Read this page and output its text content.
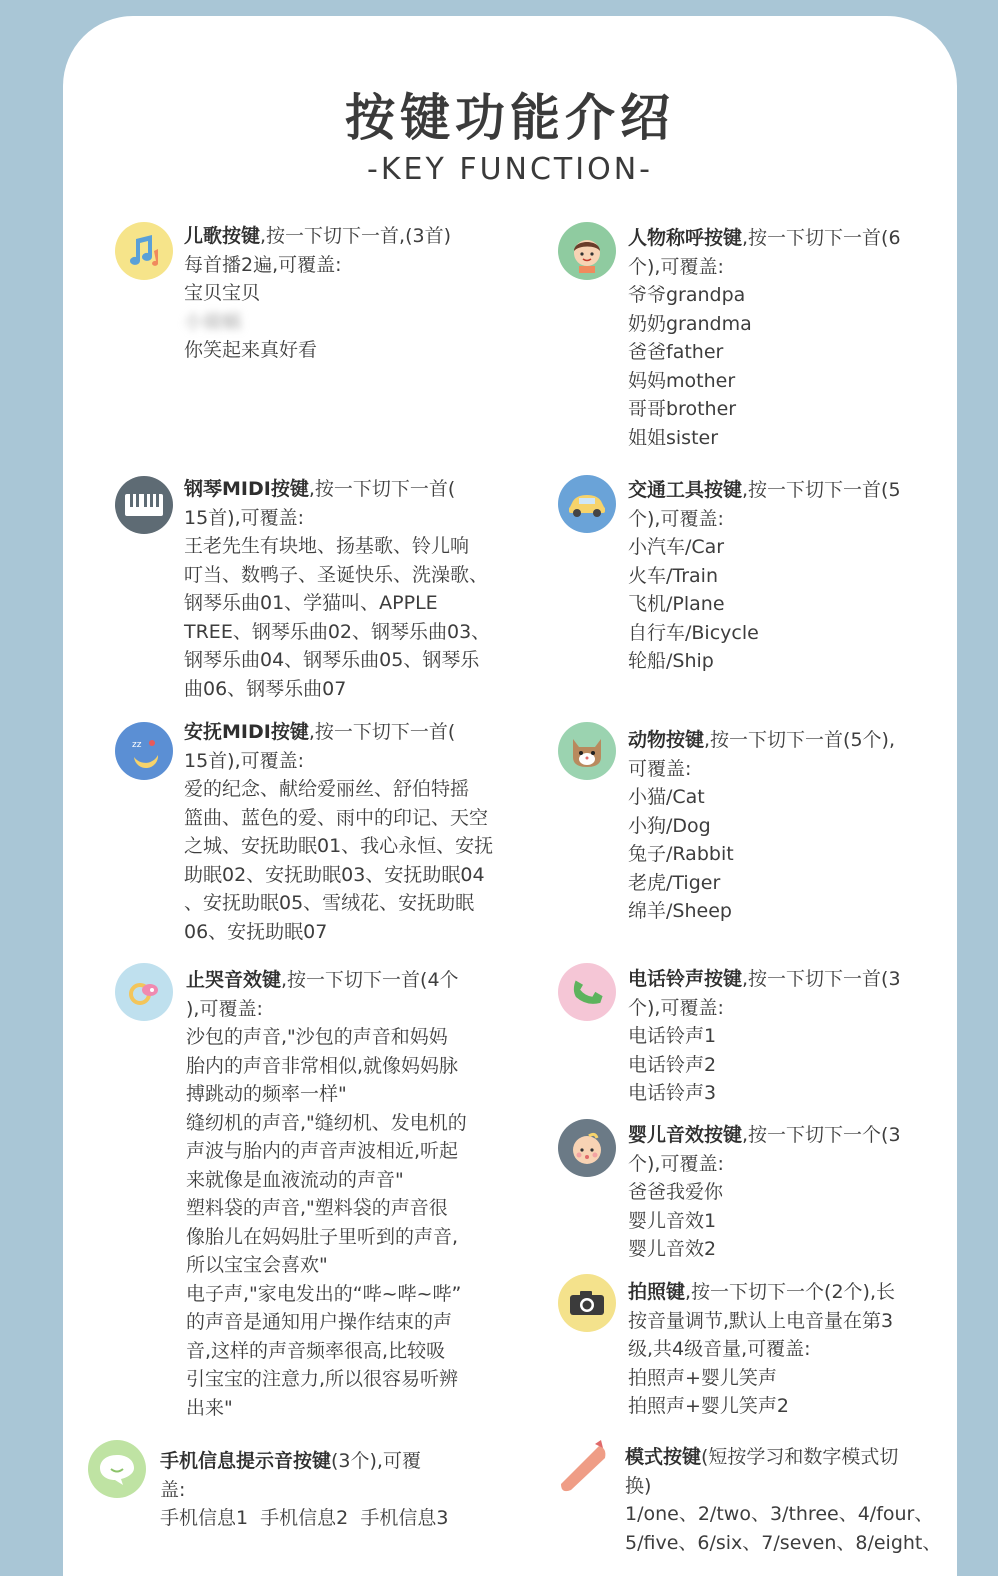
按键功能介绍
-KEY FUNCTION-
儿歌按键,按一下切下一首,(3首)
每首播2遍,可覆盖:
宝贝宝贝
小骑蜗
你笑起来真好看
钢琴MIDI按键,按一下切下一首(
15首),可覆盖:
王老先生有块地、扬基歌、铃儿响
叮当、数鸭子、圣诞快乐、洗澡歌、
钢琴乐曲01、学猫叫、APPLE
TREE、钢琴乐曲02、钢琴乐曲03、
钢琴乐曲04、钢琴乐曲05、钢琴乐
曲06、钢琴乐曲07
zz
安抚MIDI按键,按一下切下一首(
15首),可覆盖:
爱的纪念、献给爱丽丝、舒伯特摇
篮曲、蓝色的爱、雨中的印记、天空
之城、安抚助眠01、我心永恒、安抚
助眠02、安抚助眠03、安抚助眠04
、安抚助眠05、雪绒花、安抚助眠
06、安抚助眠07
止哭音效键,按一下切下一首(4个
),可覆盖:
沙包的声音,"沙包的声音和妈妈
胎内的声音非常相似,就像妈妈脉
搏跳动的频率一样"
缝纫机的声音,"缝纫机、发电机的
声波与胎内的声音声波相近,听起
来就像是血液流动的声音"
塑料袋的声音,"塑料袋的声音很
像胎儿在妈妈肚子里听到的声音,
所以宝宝会喜欢"
电子声,"家电发出的“哔~哔~哔”
的声音是通知用户操作结束的声
音,这样的声音频率很高,比较吸
引宝宝的注意力,所以很容易听辨
出来"
手机信息提示音按键(3个),可覆
盖:
手机信息1  手机信息2  手机信息3
人物称呼按键,按一下切下一首(6
个),可覆盖:
爷爷grandpa
奶奶grandma
爸爸father
妈妈mother
哥哥brother
姐姐sister
交通工具按键,按一下切下一首(5
个),可覆盖:
小汽车/Car
火车/Train
飞机/Plane
自行车/Bicycle
轮船/Ship
动物按键,按一下切下一首(5个),
可覆盖:
小猫/Cat
小狗/Dog
兔子/Rabbit
老虎/Tiger
绵羊/Sheep
电话铃声按键,按一下切下一首(3
个),可覆盖:
电话铃声1
电话铃声2
电话铃声3
婴儿音效按键,按一下切下一个(3
个),可覆盖:
爸爸我爱你
婴儿音效1
婴儿音效2
拍照键,按一下切下一个(2个),长
按音量调节,默认上电音量在第3
级,共4级音量,可覆盖:
拍照声+婴儿笑声
拍照声+婴儿笑声2
模式按键(短按学习和数字模式切
换)
1/one、2/two、3/three、4/four、
5/five、6/six、7/seven、8/eight、
